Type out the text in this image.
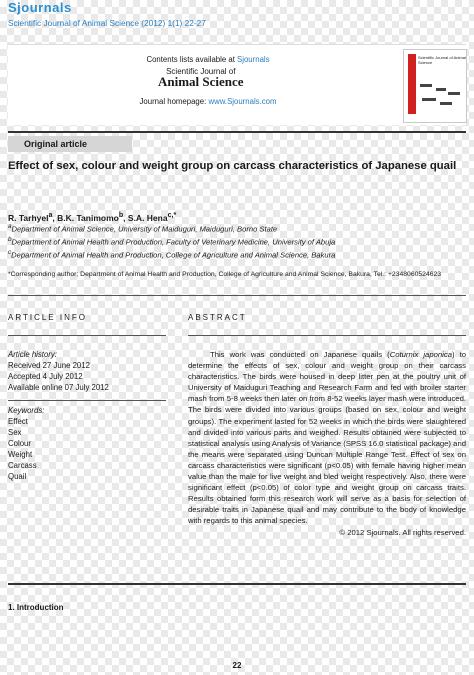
Sjournals
Scientific Journal of Animal Science (2012) 1(1) 22-27
Contents lists available at Sjournals
Scientific Journal of
Animal Science
Journal homepage: www.Sjournals.com
Scientific Journal of Animal Science
Original article
Effect of sex, colour and weight group on carcass characteristics of Japanese quail
R. Tarhyel$^a$, B.K. Tanimomo$^b$, S.A. Hena$^{c,*}$
$^a$Department of Animal Science, University of Maiduguri, Maiduguri, Borno State
$^b$Department of Animal Health and Production, Faculty of Veterinary Medicine, University of Abuja
$^c$Department of Animal Health and Production, College of Agriculture and Animal Science, Bakura
*Corresponding author; Department of Animal Health and Production, College of Agriculture and Animal Science, Bakura, Tel.: +2348060524623
ARTICLE INFO	ABSTRACT
Article history:
Received 27 June 2012
Accepted 4 July 2012
Available online 07 July 2012
Keywords:
Effect
Sex
Colour
Weight
Carcass
Quail

This work was conducted on Japanese quails (Coturnix japonica) to determine the effects of sex, colour and weight group on their carcass characteristics. The birds were housed in deep litter pen at the poultry unit of University of Maiduguri Teaching and Research Farm and fed with broiler starter mash from 5-8 weeks then later on from 8-52 weeks layer mash were introduced. The birds were divided into various groups (based on sex, colour and weight groups). The experiment lasted for 52 weeks in which the birds were slaughtered and divided into various parts and weighed. Results obtained were subjected to statistical analysis using Analysis of Variance (SPSS 16.0 statistical package) and the means were separated using Duncan Multiple Range Test. Effect of sex on carcass characteristics were significant (p<0.05) with female having higher mean value than the male for live weight and bled weight respectively. Also, there were significant effect (p<0.05) of color type and weight group on carcass traits. Results obtained form this research work will serve as a basis for selection of desirable traits in Japanese quail and may contribute to the body of knowledge with regards to this animal species.

© 2012 Sjournals. All rights reserved.
1. Introduction
22
